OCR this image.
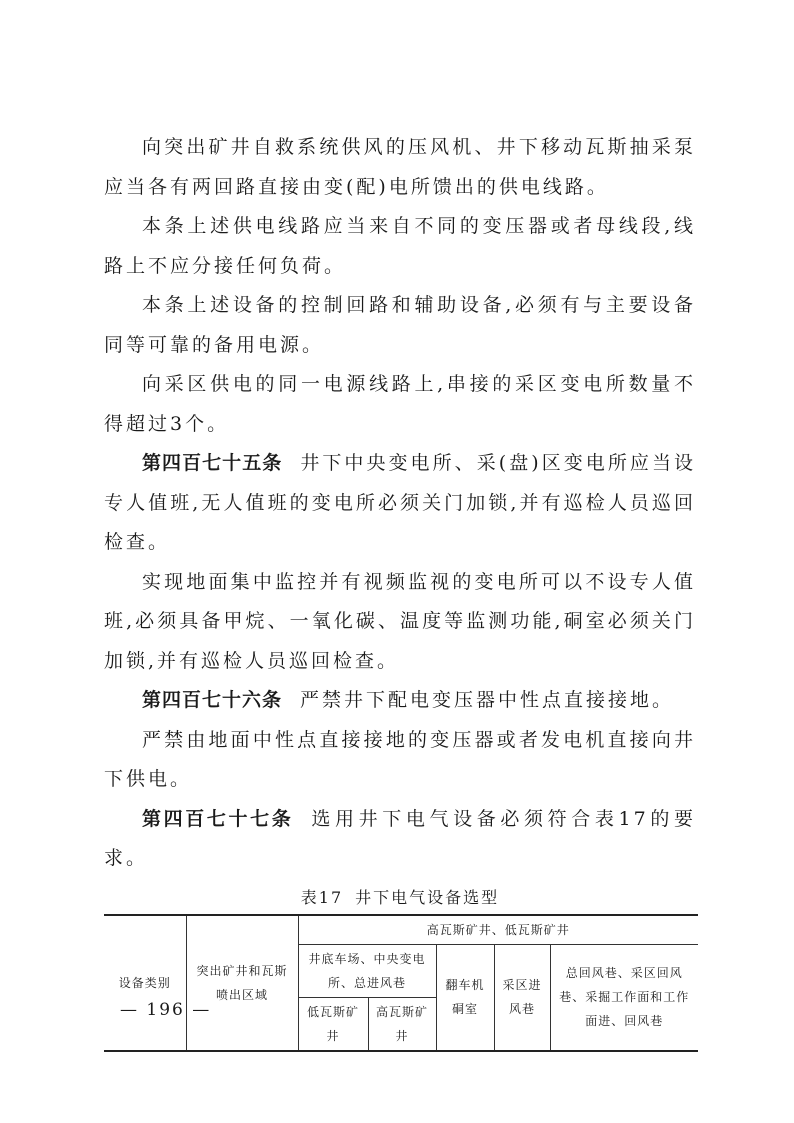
向突出矿井自救系统供风的压风机、井下移动瓦斯抽采泵应当各有两回路直接由变(配)电所馈出的供电线路。

本条上述供电线路应当来自不同的变压器或者母线段,线路上不应分接任何负荷。

本条上述设备的控制回路和辅助设备,必须有与主要设备同等可靠的备用电源。

向采区供电的同一电源线路上,串接的采区变电所数量不得超过3个。

第四百七十五条 井下中央变电所、采(盘)区变电所应当设专人值班,无人值班的变电所必须关门加锁,并有巡检人员巡回检查。

实现地面集中监控并有视频监视的变电所可以不设专人值班,必须具备甲烷、一氧化碳、温度等监测功能,硐室必须关门加锁,并有巡检人员巡回检查。

第四百七十六条 严禁井下配电变压器中性点直接接地。

严禁由地面中性点直接接地的变压器或者发电机直接向井下供电。

第四百七十七条 选用井下电气设备必须符合表17的要求。

表17 井下电气设备选型
设备类别	突出矿井和瓦斯喷出区域	高瓦斯矿井、低瓦斯矿井				
		井底车场、中央变电所、总进风巷		翻车机硐室	采区进风巷	总回风巷、采区回风巷、采掘工作面和工作面进、回风巷
		低瓦斯矿井	高瓦斯矿井			
— 196 —
